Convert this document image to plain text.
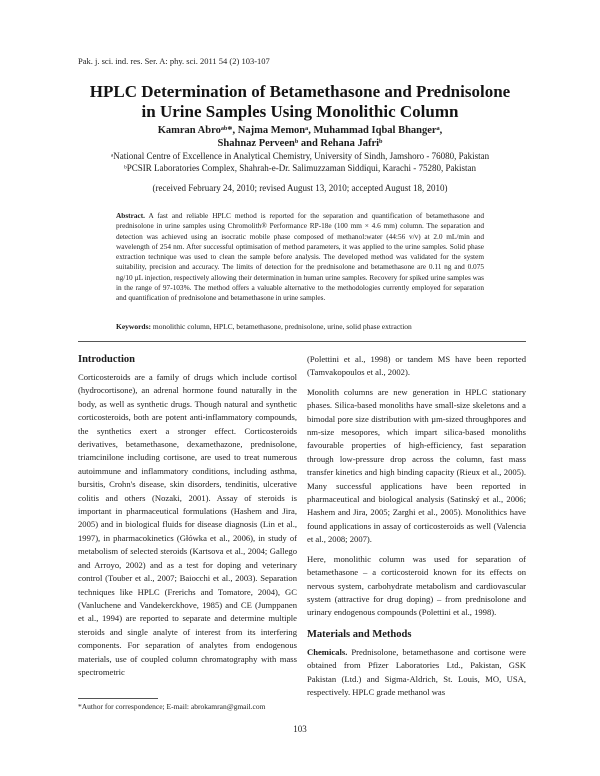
Pak. j. sci. ind. res. Ser. A: phy. sci. 2011 54 (2) 103-107
HPLC Determination of Betamethasone and Prednisolone
in Urine Samples Using Monolithic Column
Kamran Abroᵃᵇ*, Najma Memonᵃ, Muhammad Iqbal Bhangerᵃ,
Shahnaz Perveenᵇ and Rehana Jafriᵇ
ᵃNational Centre of Excellence in Analytical Chemistry, University of Sindh, Jamshoro - 76080, Pakistan
ᵇPCSIR Laboratories Complex, Shahrah-e-Dr. Salimuzzaman Siddiqui, Karachi - 75280, Pakistan
(received February 24, 2010; revised August 13, 2010; accepted August 18, 2010)
Abstract. A fast and reliable HPLC method is reported for the separation and quantification of betamethasone and prednisolone in urine samples using Chromolith® Performance RP-18e (100 mm × 4.6 mm) column. The separation and detection was achieved using an isocratic mobile phase composed of methanol:water (44:56 v/v) at 2.0 mL/min and wavelength of 254 nm. After successful optimisation of method parameters, it was applied to the urine samples. Solid phase extraction technique was used to clean the sample before analysis. The developed method was validated for the system suitability, precision and accuracy. The limits of detection for the prednisolone and betamethasone are 0.11 ng and 0.075 ng/10 µL injection, respectively allowing their determination in human urine samples. Recovery for spiked urine samples was in the range of 97-103%. The method offers a valuable alternative to the methodologies currently employed for separation and quantification of prednisolone and betamethasone in urine samples.
Keywords: monolithic column, HPLC, betamethasone, prednisolone, urine, solid phase extraction
Introduction

Corticosteroids are a family of drugs which include cortisol (hydrocortisone), an adrenal hormone found naturally in the body, as well as synthetic drugs. Though natural and synthetic corticosteroids, both are potent anti-inflammatory compounds, the synthetics exert a stronger effect. Corticosteroids derivatives, betamethasone, dexamethazone, prednisolone, triamcinilone including cortisone, are used to treat numerous autoimmune and inflammatory conditions, including asthma, bursitis, Crohn's disease, skin disorders, tendinitis, ulcerative colitis and others (Nozaki, 2001). Assay of steroids is important in pharmaceutical formulations (Hashem and Jira, 2005) and in biological fluids for disease diagnosis (Lin et al., 1997), in pharmacokinetics (Główka et al., 2006), in study of metabolism of selected steroids (Kartsova et al., 2004; Gallego and Arroyo, 2002) and as a test for doping and veterinary control (Touber et al., 2007; Baiocchi et al., 2003). Separation techniques like HPLC (Frerichs and Tomatore, 2004), GC (Vanluchene and Vandekerckhove, 1985) and CE (Jumppanen et al., 1994) are reported to separate and determine multiple steroids and single analyte of interest from its interfering components. For separation of analytes from endogenous materials, use of coupled column chromatography with mass spectrometric

(Polettini et al., 1998) or tandem MS have been reported (Tamvakopoulos et al., 2002).

Monolith columns are new generation in HPLC stationary phases. Silica-based monoliths have small-size skeletons and a bimodal pore size distribution with µm-sized throughpores and nm-size mesopores, which impart silica-based monoliths favourable properties of high-efficiency, fast separation through low-pressure drop across the column, fast mass transfer kinetics and high binding capacity (Rieux et al., 2005). Many successful applications have been reported in pharmaceutical and biological analysis (Satinský et al., 2006; Hashem and Jira, 2005; Zarghi et al., 2005). Monolithics have found applications in assay of corticosteroids as well (Valencia et al., 2008; 2007).

Here, monolithic column was used for separation of betamethasone – a corticosteroid known for its effects on nervous system, carbohydrate metabolism and cardiovascular system (attractive for drug doping) – from prednisolone and urinary endogenous compounds (Polettini et al., 1998).

Materials and Methods

Chemicals. Prednisolone, betamethasone and cortisone were obtained from Pfizer Laboratories Ltd., Pakistan, GSK Pakistan (Ltd.) and Sigma-Aldrich, St. Louis, MO, USA, respectively. HPLC grade methanol was

*Author for correspondence; E-mail: abrokamran@gmail.com
103
